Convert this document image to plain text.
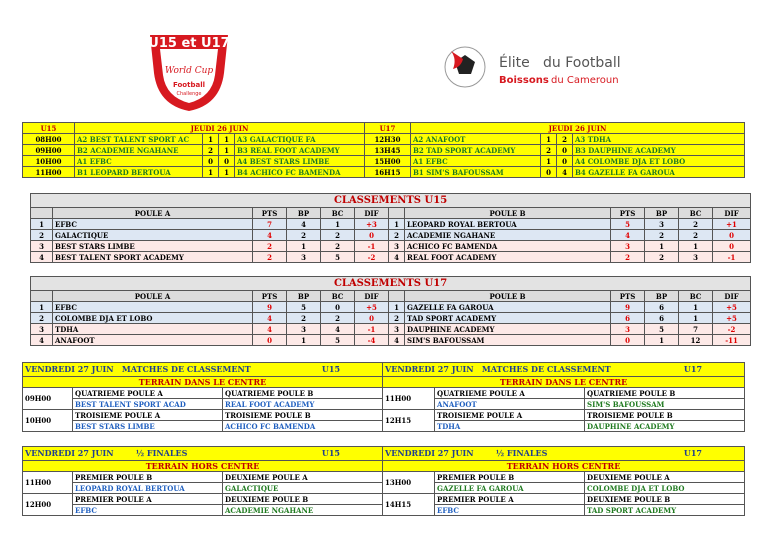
U15 et U17
World Cup
Football
Challenge
Élite du Football
Boissons du Cameroun
U15	JEUDI 26 JUIN				U17	JEUDI 26 JUIN			
08H00	A2 BEST TALENT SPORT AC	1	1	A3 GALACTIQUE FA	12H30	A2 ANAFOOT	1	2	A3 TDHA
09H00	B2 ACADEMIE NGAHANE	2	1	B3 REAL FOOT ACADEMY	13H45	B2 TAD SPORT ACADEMY	2	0	B3 DAUPHINE ACADEMY
10H00	A1 EFBC	0	0	A4 BEST STARS LIMBE	15H00	A1 EFBC	1	0	A4 COLOMBE DJA ET LOBO
11H00	B1 LEOPARD BERTOUA	1	1	B4 ACHICO FC BAMENDA	16H15	B1 SIM'S BAFOUSSAM	0	4	B4 GAZELLE FA GAROUA
CLASSEMENTS U15											
	POULE A	PTS	BP	BC	DIF		POULE B	PTS	BP	BC	DIF
1	EFBC	7	4	1	+3	1	LEOPARD ROYAL BERTOUA	5	3	2	+1
2	GALACTIQUE	4	2	2	0	2	ACADEMIE NGAHANE	4	2	2	0
3	BEST STARS LIMBE	2	1	2	-1	3	ACHICO FC BAMENDA	3	1	1	0
4	BEST TALENT SPORT ACADEMY	2	3	5	-2	4	REAL FOOT ACADEMY	2	2	3	-1
CLASSEMENTS U17											
	POULE A	PTS	BP	BC	DIF		POULE B	PTS	BP	BC	DIF
1	EFBC	9	5	0	+5	1	GAZELLE FA GAROUA	9	6	1	+5
2	COLOMBE DJA ET LOBO	4	2	2	0	2	TAD SPORT ACADEMY	6	6	1	+5
3	TDHA	4	3	4	-1	3	DAUPHINE ACADEMY	3	5	7	-2
4	ANAFOOT	0	1	5	-4	4	SIM'S BAFOUSSAM	0	1	12	-11
VENDREDI 27 JUIN MATCHES DE CLASSEMENT U15			VENDREDI 27 JUIN MATCHES DE CLASSEMENT U17		

TERRAIN DANS LE CENTRE			TERRAIN DANS LE CENTRE		
09H00	QUATRIEME POULE A	QUATRIEME POULE B	11H00	QUATRIEME POULE A	QUATRIEME POULE B
	BEST TALENT SPORT ACAD	REAL FOOT ACADEMY		ANAFOOT	SIM'S BAFOUSSAM
10H00	TROISIEME POULE A	TROISIEME POULE B	12H15	TROISIEME POULE A	TROISIEME POULE B
	BEST STARS LIMBE	ACHICO FC BAMENDA		TDHA	DAUPHINE ACADEMY
VENDREDI 27 JUIN ½ FINALES U15			VENDREDI 27 JUIN ½ FINALES U17		

TERRAIN HORS CENTRE			TERRAIN HORS CENTRE		
11H00	PREMIER POULE B	DEUXIEME POULE A	13H00	PREMIER POULE B	DEUXIEME POULE A
	LEOPARD ROYAL BERTOUA	GALACTIQUE		GAZELLE FA GAROUA	COLOMBE DJA ET LOBO
12H00	PREMIER POULE A	DEUXIEME POULE B	14H15	PREMIER POULE A	DEUXIEME POULE B
	EFBC	ACADEMIE NGAHANE		EFBC	TAD SPORT ACADEMY
